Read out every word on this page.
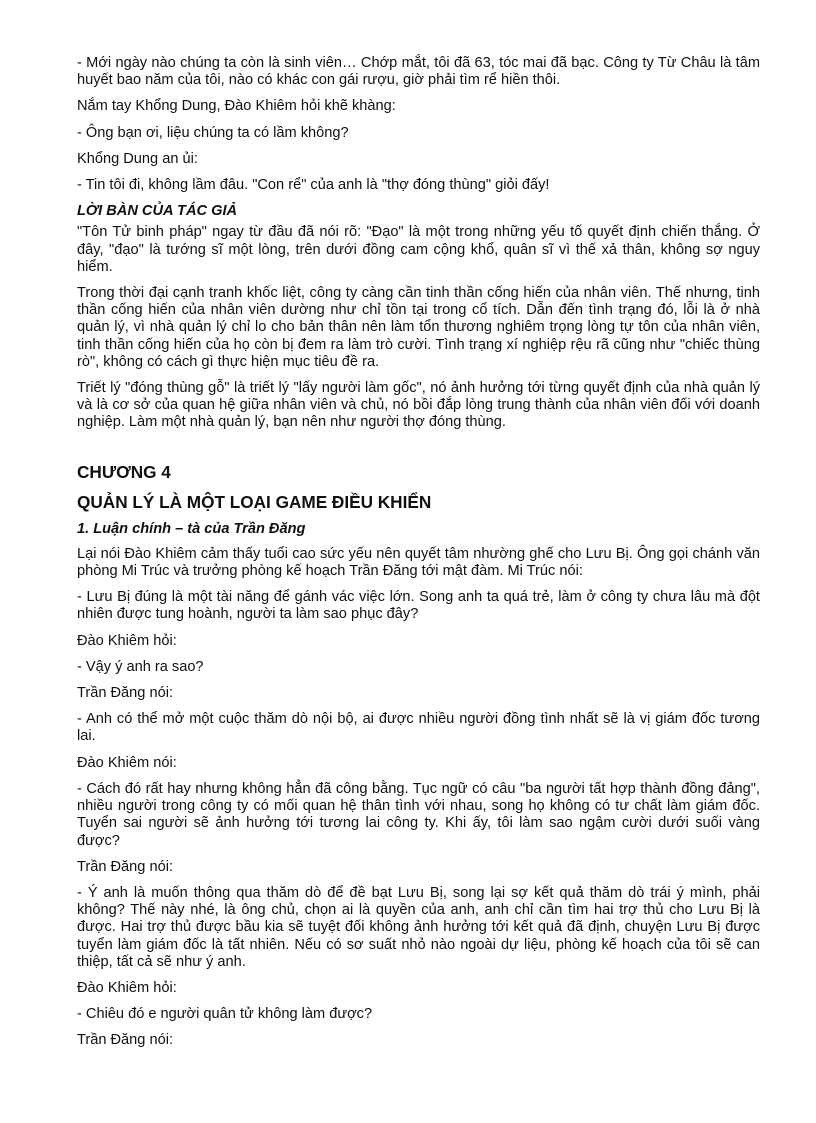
- Mới ngày nào chúng ta còn là sinh viên… Chớp mắt, tôi đã 63, tóc mai đã bạc. Công ty Từ Châu là tâm huyết bao năm của tôi, nào có khác con gái rượu, giờ phải tìm rể hiền thôi.

Nắm tay Khổng Dung, Đào Khiêm hỏi khẽ khàng:

- Ông bạn ơi, liệu chúng ta có lầm không?

Khổng Dung an ủi:

- Tin tôi đi, không lầm đâu. "Con rể" của anh là "thợ đóng thùng" giỏi đấy!

LỜI BÀN CỦA TÁC GIẢ

"Tôn Tử binh pháp" ngay từ đầu đã nói rõ: "Đạo" là một trong những yếu tố quyết định chiến thắng. Ở đây, "đạo" là tướng sĩ một lòng, trên dưới đồng cam cộng khổ, quân sĩ vì thế xả thân, không sợ nguy hiểm.

Trong thời đại cạnh tranh khốc liệt, công ty càng cần tinh thần cống hiến của nhân viên. Thế nhưng, tinh thần cống hiến của nhân viên dường như chỉ tồn tại trong cổ tích. Dẫn đến tình trạng đó, lỗi là ở nhà quản lý, vì nhà quản lý chỉ lo cho bản thân nên làm tổn thương nghiêm trọng lòng tự tôn của nhân viên, tinh thần cống hiến của họ còn bị đem ra làm trò cười. Tình trạng xí nghiệp rệu rã cũng như "chiếc thùng rò", không có cách gì thực hiện mục tiêu đề ra.

Triết lý "đóng thùng gỗ" là triết lý "lấy người làm gốc", nó ảnh hưởng tới từng quyết định của nhà quản lý và là cơ sở của quan hệ giữa nhân viên và chủ, nó bồi đắp lòng trung thành của nhân viên đối với doanh nghiệp. Làm một nhà quản lý, bạn nên như người thợ đóng thùng.

CHƯƠNG 4
QUẢN LÝ LÀ MỘT LOẠI GAME ĐIỀU KHIỂN
1. Luận chính – tà của Trần Đăng

Lại nói Đào Khiêm cảm thấy tuổi cao sức yếu nên quyết tâm nhường ghế cho Lưu Bị. Ông gọi chánh văn phòng Mi Trúc và trưởng phòng kế hoạch Trần Đăng tới mật đàm. Mi Trúc nói:

- Lưu Bị đúng là một tài năng để gánh vác việc lớn. Song anh ta quá trẻ, làm ở công ty chưa lâu mà đột nhiên được tung hoành, người ta làm sao phục đây?

Đào Khiêm hỏi:

- Vậy ý anh ra sao?

Trần Đăng nói:

- Anh có thể mở một cuộc thăm dò nội bộ, ai được nhiều người đồng tình nhất sẽ là vị giám đốc tương lai.

Đào Khiêm nói:

- Cách đó rất hay nhưng không hẳn đã công bằng. Tục ngữ có câu "ba người tất hợp thành đồng đảng", nhiều người trong công ty có mối quan hệ thân tình với nhau, song họ không có tư chất làm giám đốc. Tuyển sai người sẽ ảnh hưởng tới tương lai công ty. Khi ấy, tôi làm sao ngậm cười dưới suối vàng được?

Trần Đăng nói:

- Ý anh là muốn thông qua thăm dò để đề bạt Lưu Bị, song lại sợ kết quả thăm dò trái ý mình, phải không? Thế này nhé, là ông chủ, chọn ai là quyền của anh, anh chỉ cần tìm hai trợ thủ cho Lưu Bị là được. Hai trợ thủ được bầu kia sẽ tuyệt đối không ảnh hưởng tới kết quả đã định, chuyện Lưu Bị được tuyển làm giám đốc là tất nhiên. Nếu có sơ suất nhỏ nào ngoài dự liệu, phòng kế hoạch của tôi sẽ can thiệp, tất cả sẽ như ý anh.

Đào Khiêm hỏi:

- Chiêu đó e người quân tử không làm được?

Trần Đăng nói:
